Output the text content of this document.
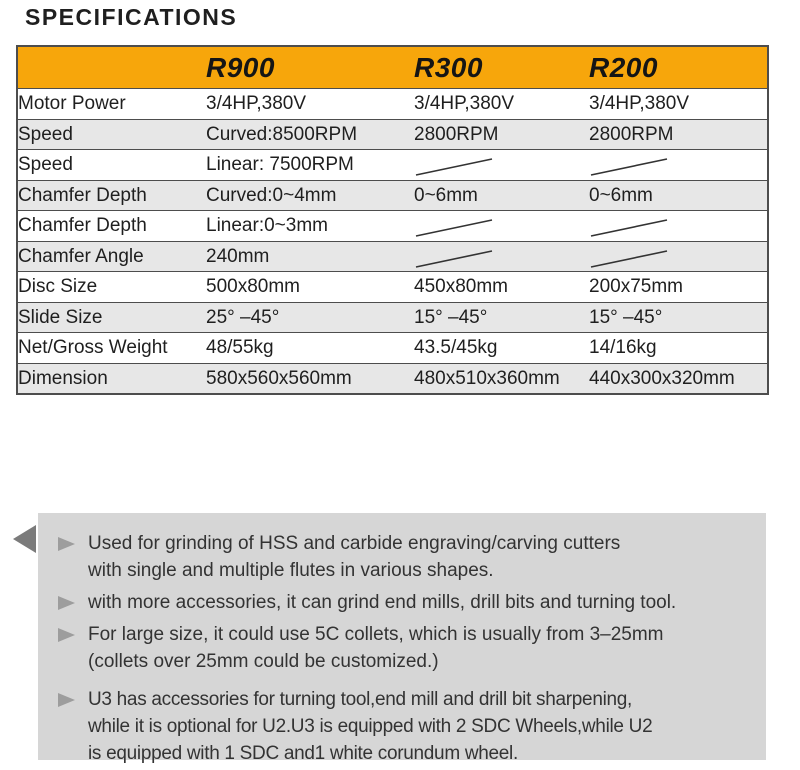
SPECIFICATIONS
	R900	R300	R200
Motor Power	3/4HP,380V	3/4HP,380V	3/4HP,380V
Speed	Curved:8500RPM	2800RPM	2800RPM
Speed	Linear: 7500RPM	

Chamfer Depth	Curved:0~4mm	0~6mm	0~6mm
Chamfer Depth	Linear:0~3mm	

Chamfer Angle	240mm	

Disc Size	500x80mm	450x80mm	200x75mm
Slide Size	25° –45°	15° –45°	15° –45°
Net/Gross Weight	48/55kg	43.5/45kg	14/16kg
Dimension	580x560x560mm	480x510x360mm	440x300x320mm
Used for grinding of HSS and carbide engraving/carving cutters
with single and multiple flutes in various shapes.
with more accessories, it can grind end mills, drill bits and turning tool.
For large size, it could use 5C collets, which is usually from 3–25mm
(collets over 25mm could be customized.)
U3 has accessories for turning tool,end mill and drill bit sharpening,
while it is optional for U2.U3 is equipped with 2 SDC Wheels,while U2
is equipped with 1 SDC and1 white corundum wheel.
